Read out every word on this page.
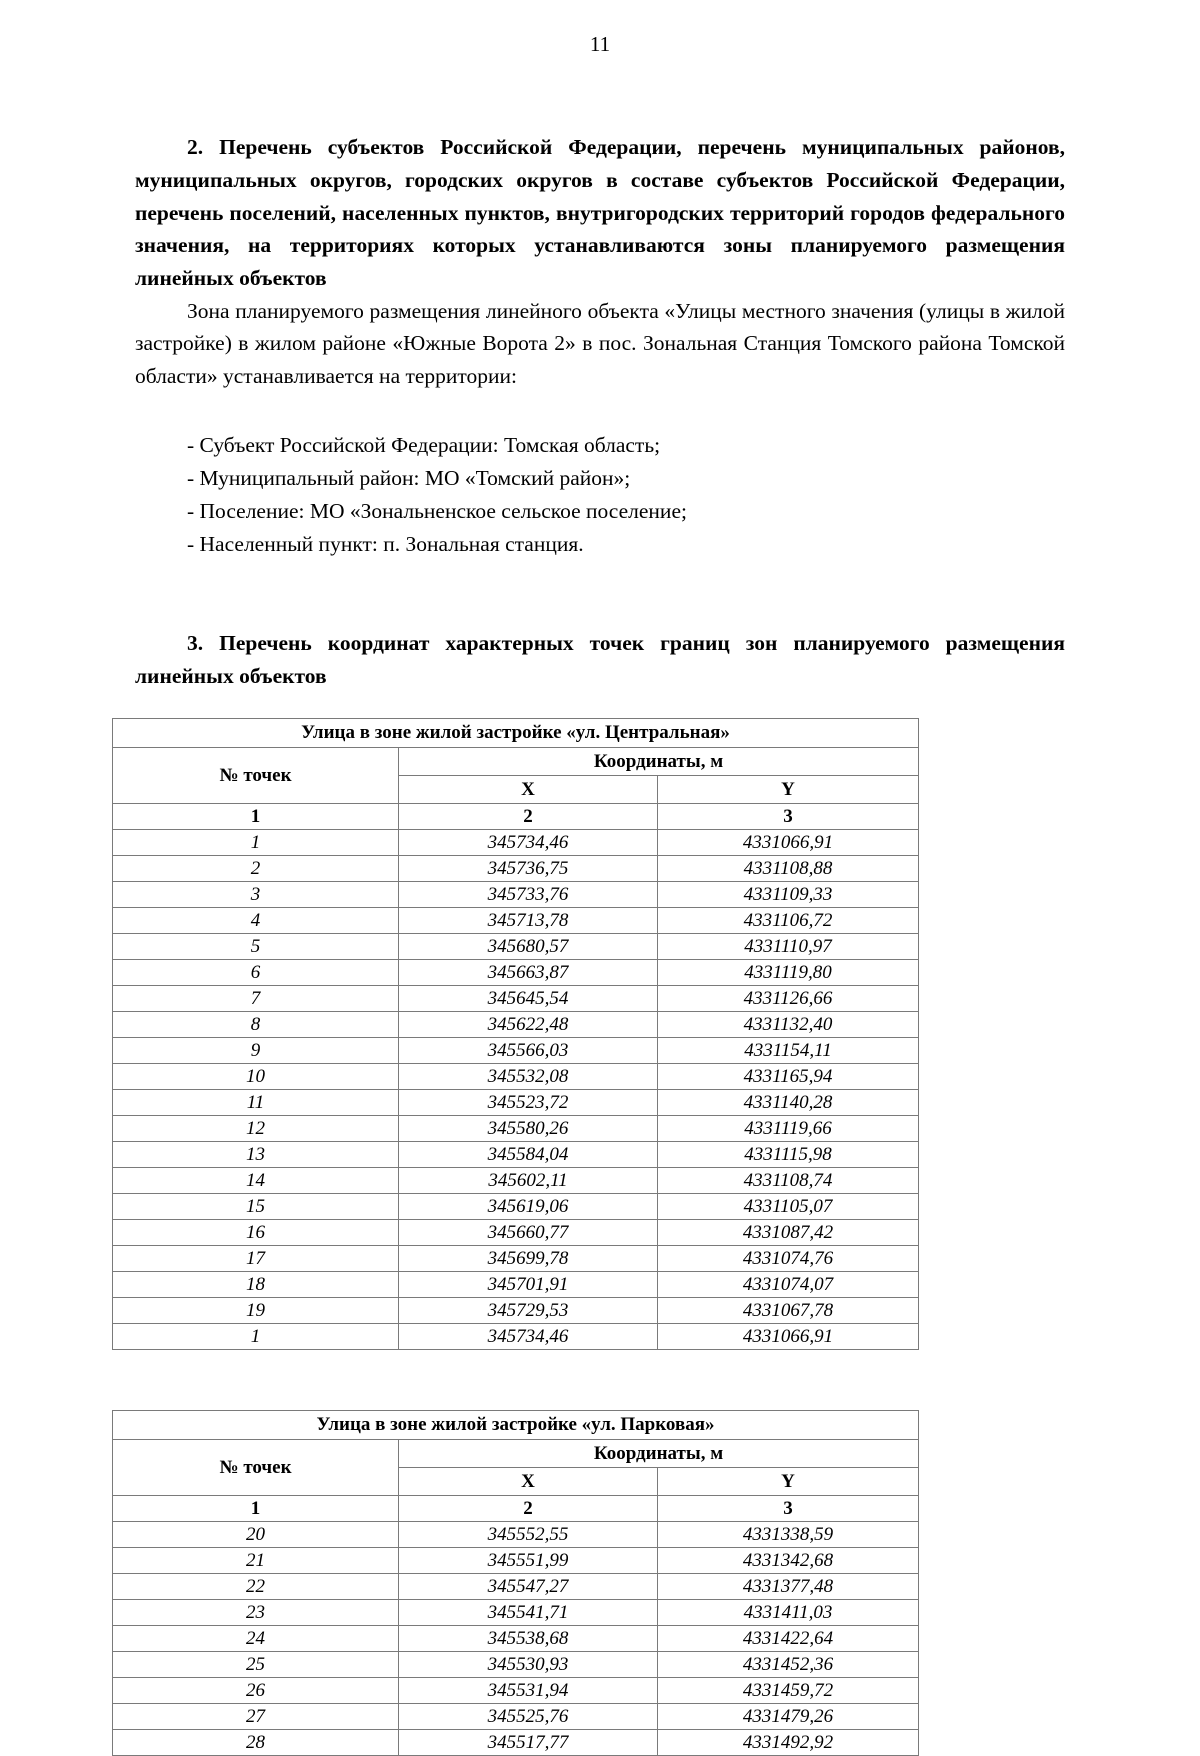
11

2. Перечень субъектов Российской Федерации, перечень муниципальных районов, муниципальных округов, городских округов в составе субъектов Российской Федерации, перечень поселений, населенных пунктов, внутригородских территорий городов федерального значения, на территориях которых устанавливаются зоны планируемого размещения линейных объектов

Зона планируемого размещения линейного объекта «Улицы местного значения (улицы в жилой застройке) в жилом районе «Южные Ворота 2» в пос. Зональная Станция Томского района Томской области» устанавливается на территории:

- Субъект Российской Федерации: Томская область;

- Муниципальный район: МО «Томский район»;

- Поселение: МО «Зональненское сельское поселение;

- Населенный пункт: п. Зональная станция.

3. Перечень координат характерных точек границ зон планируемого размещения линейных объектов

Улица в зоне жилой застройке «ул. Центральная»		
№ точек	Координаты, м	
	X	Y
1	2	3
1	345734,46	4331066,91
2	345736,75	4331108,88
3	345733,76	4331109,33
4	345713,78	4331106,72
5	345680,57	4331110,97
6	345663,87	4331119,80
7	345645,54	4331126,66
8	345622,48	4331132,40
9	345566,03	4331154,11
10	345532,08	4331165,94
11	345523,72	4331140,28
12	345580,26	4331119,66
13	345584,04	4331115,98
14	345602,11	4331108,74
15	345619,06	4331105,07
16	345660,77	4331087,42
17	345699,78	4331074,76
18	345701,91	4331074,07
19	345729,53	4331067,78
1	345734,46	4331066,91
Улица в зоне жилой застройке «ул. Парковая»		
№ точек	Координаты, м	
	X	Y
1	2	3
20	345552,55	4331338,59
21	345551,99	4331342,68
22	345547,27	4331377,48
23	345541,71	4331411,03
24	345538,68	4331422,64
25	345530,93	4331452,36
26	345531,94	4331459,72
27	345525,76	4331479,26
28	345517,77	4331492,92
